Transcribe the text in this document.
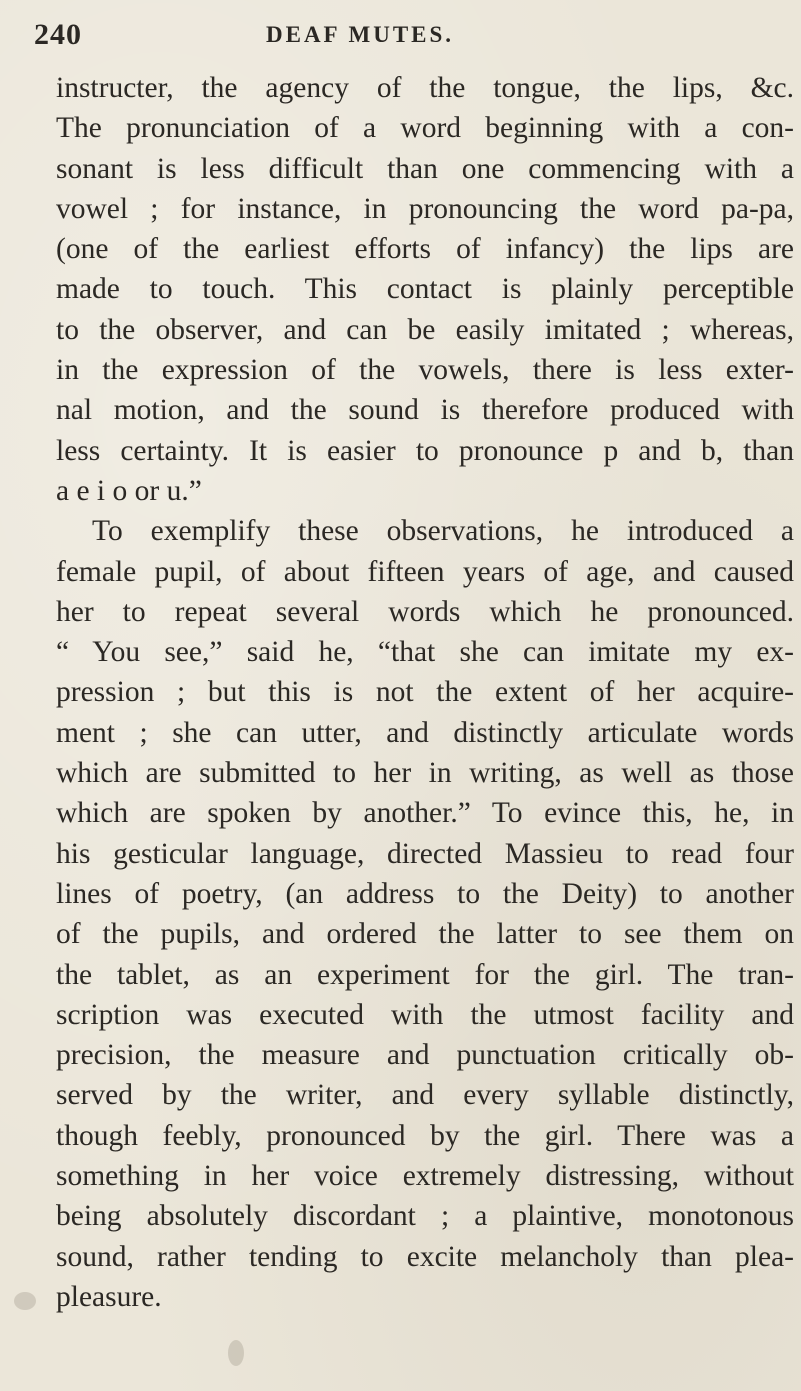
240	DEAF MUTES.
instructer, the agency of the tongue, the lips, &c.
The pronunciation of a word beginning with a con-
sonant is less difficult than one commencing with a
vowel ; for instance, in pronouncing the word pa-pa,
(one of the earliest efforts of infancy) the lips are
made to touch. This contact is plainly perceptible
to the observer, and can be easily imitated ; whereas,
in the expression of the vowels, there is less exter-
nal motion, and the sound is therefore produced with
less certainty. It is easier to pronounce p and b, than
a e i o or u.”
To exemplify these observations, he introduced a
female pupil, of about fifteen years of age, and caused
her to repeat several words which he pronounced.
“ You see,” said he, “that she can imitate my ex-
pression ; but this is not the extent of her acquire-
ment ; she can utter, and distinctly articulate words
which are submitted to her in writing, as well as those
which are spoken by another.” To evince this, he, in
his gesticular language, directed Massieu to read four
lines of poetry, (an address to the Deity) to another
of the pupils, and ordered the latter to see them on
the tablet, as an experiment for the girl. The tran-
scription was executed with the utmost facility and
precision, the measure and punctuation critically ob-
served by the writer, and every syllable distinctly,
though feebly, pronounced by the girl. There was a
something in her voice extremely distressing, without
being absolutely discordant ; a plaintive, monotonous
sound, rather tending to excite melancholy than plea-
pleasure.
